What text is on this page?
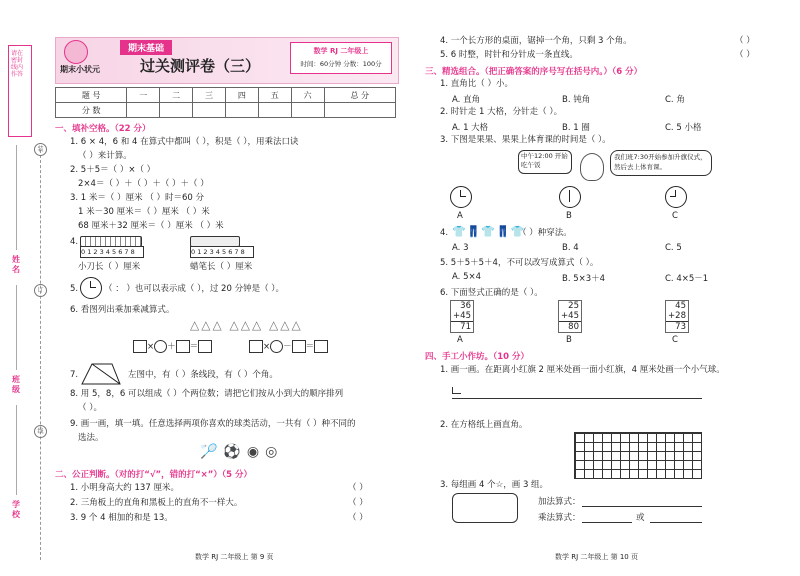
请在密封线内作答
装
订
线
姓名
班级
学校
期末小状元
期末基础
过关测评卷（三）
数学 RJ 二年级上
时间：60分钟 分数：100分
题 号	一	二	三	四	五	六	总 分
分 数							
一、填补空格。（22 分）
1. 6 × 4，6 和 4 在算式中都叫（ ），积是（ ），用乘法口诀
（ ）来计算。
2. 5＋5＝（ ）×（ ）
2×4＝（ ）＋（ ）＋（ ）＋（ ）
3. 1 米＝（ ）厘米 （ ）时＝60 分
1 米－30 厘米＝（ ）厘米 （ ）米
68 厘米＋32 厘米＝（ ）厘米 （ ）米
4.
0 1 2 3 4 5 6 7 8	0 1 2 3 4 5 6 7 8
小刀长（ ）厘米	蜡笔长（ ）厘米
5.	（ ： ）也可以表示成（ ），过 20 分钟是（ ）。
6. 看图列出乘加乘减算式。
△△△ △△△ △△△
× ＋ ＝	× － ＝
7.	左图中，有（ ）条线段，有（ ）个角。
8. 用 5，8，6 可以组成（ ）个两位数；请把它们按从小到大的顺序排列
（ ）。
9. 画一画，填一填。任意选择两项你喜欢的球类活动，一共有（ ）种不同的
选法。
🏸⚽◉◎
二、公正判断。（对的打“√”，错的打“×”）（5 分）
1. 小明身高大约 137 厘米。	（ ）
2. 三角板上的直角和黑板上的直角不一样大。	（ ）
3. 9 个 4 相加的和是 13。	（ ）
4. 一个长方形的桌面，锯掉一个角，只剩 3 个角。	（ ）
5. 6 时整，时针和分针成一条直线。	（ ）
三、精选组合。（把正确答案的序号写在括号内。）（6 分）
1. 直角比（ ）小。
A. 直角	B. 钝角	C. 角
2. 时针走 1 大格，分针走（ ）。
A. 1 大格	B. 1 圈	C. 5 小格
3. 下图是果果、果果上体育课的时间是（ ）。
中午12:00 开始吃午饭
我们班7:30开始参加升旗仪式，然后去上体育课。
A	B	C
4. 👕👖👕👖👕
（ ）种穿法。
A. 3	B. 4	C. 5
5. 5＋5＋5＋4，不可以改写成算式（ ）。
A. 5×4	B. 5×3＋4	C. 4×5－1
6. 下面竖式正确的是（ ）。
36
+45
71
25
+45
80
45
+28
73
A	B	C
四、手工小作坊。（10 分）
1. 画一画。在距离小红旗 2 厘米处画一面小红旗，4 厘米处画一个小气球。
2. 在方格纸上画直角。
3. 每组画 4 个☆，画 3 组。
加法算式：
乘法算式：	或
数学 RJ 二年级上 第 9 页	数学 RJ 二年级上 第 10 页
